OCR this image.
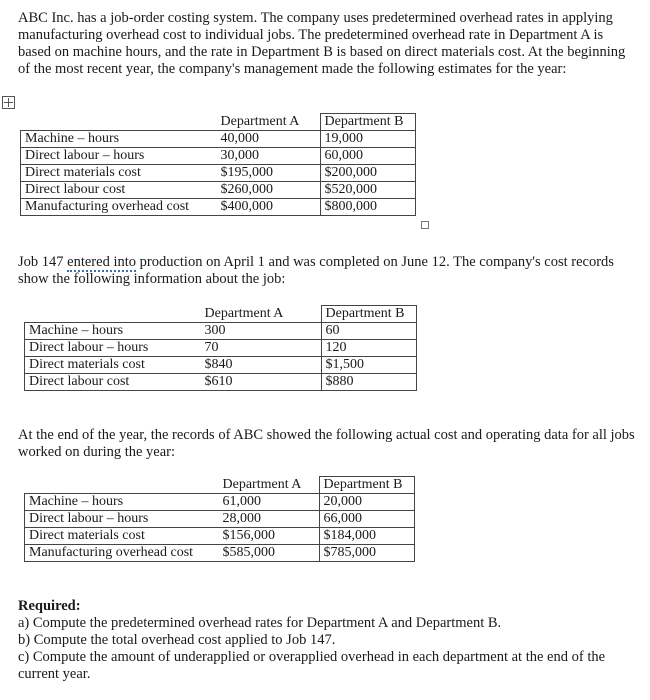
ABC Inc. has a job-order costing system. The company uses predetermined overhead rates in applying manufacturing overhead cost to individual jobs. The predetermined overhead rate in Department A is based on machine hours, and the rate in Department B is based on direct materials cost. At the beginning of the most recent year, the company's management made the following estimates for the year:

	Department A	Department B
Machine – hours	40,000	19,000
Direct labour – hours	30,000	60,000
Direct materials cost	$195,000	$200,000
Direct labour cost	$260,000	$520,000
Manufacturing overhead cost	$400,000	$800,000

Job 147 entered into production on April 1 and was completed on June 12. The company's cost records show the following information about the job:

	Department A	Department B
Machine – hours	300	60
Direct labour – hours	70	120
Direct materials cost	$840	$1,500
Direct labour cost	$610	$880

At the end of the year, the records of ABC showed the following actual cost and operating data for all jobs worked on during the year:

	Department A	Department B
Machine – hours	61,000	20,000
Direct labour – hours	28,000	66,000
Direct materials cost	$156,000	$184,000
Manufacturing overhead cost	$585,000	$785,000
Required:
a) Compute the predetermined overhead rates for Department A and Department B.
b) Compute the total overhead cost applied to Job 147.
c) Compute the amount of underapplied or overapplied overhead in each department at the end of the current year.
